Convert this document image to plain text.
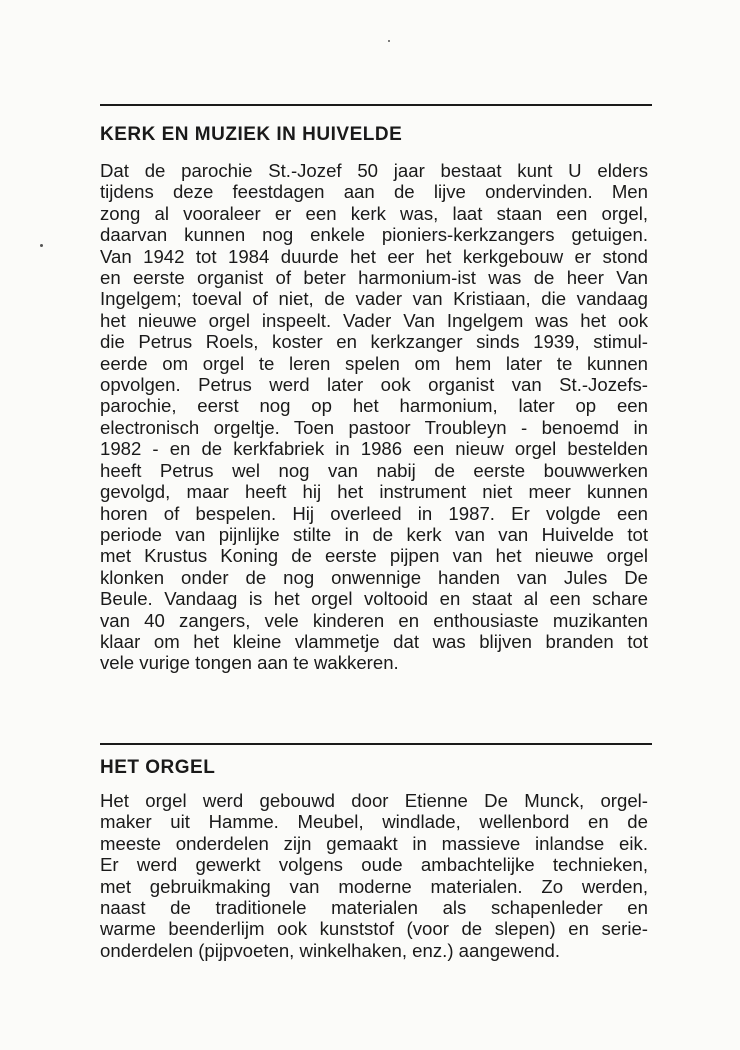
KERK EN MUZIEK IN HUIVELDE
Dat de parochie St.-Jozef 50 jaar bestaat kunt U elders
tijdens deze feestdagen aan de lijve ondervinden. Men
zong al vooraleer er een kerk was, laat staan een orgel,
daarvan kunnen nog enkele pioniers-kerkzangers getuigen.
Van 1942 tot 1984 duurde het eer het kerkgebouw er stond
en eerste organist of beter harmonium-ist was de heer Van
Ingelgem; toeval of niet, de vader van Kristiaan, die vandaag
het nieuwe orgel inspeelt. Vader Van Ingelgem was het ook
die Petrus Roels, koster en kerkzanger sinds 1939, stimul-
eerde om orgel te leren spelen om hem later te kunnen
opvolgen. Petrus werd later ook organist van St.-Jozefs-
parochie, eerst nog op het harmonium, later op een
electronisch orgeltje. Toen pastoor Troubleyn - benoemd in
1982 - en de kerkfabriek in 1986 een nieuw orgel bestelden
heeft Petrus wel nog van nabij de eerste bouwwerken
gevolgd, maar heeft hij het instrument niet meer kunnen
horen of bespelen. Hij overleed in 1987. Er volgde een
periode van pijnlijke stilte in de kerk van van Huivelde tot
met Krustus Koning de eerste pijpen van het nieuwe orgel
klonken onder de nog onwennige handen van Jules De
Beule. Vandaag is het orgel voltooid en staat al een schare
van 40 zangers, vele kinderen en enthousiaste muzikanten
klaar om het kleine vlammetje dat was blijven branden tot
vele vurige tongen aan te wakkeren.
HET ORGEL
Het orgel werd gebouwd door Etienne De Munck, orgel-
maker uit Hamme. Meubel, windlade, wellenbord en de
meeste onderdelen zijn gemaakt in massieve inlandse eik.
Er werd gewerkt volgens oude ambachtelijke technieken,
met gebruikmaking van moderne materialen. Zo werden,
naast de traditionele materialen als schapenleder en
warme beenderlijm ook kunststof (voor de slepen) en serie-
onderdelen (pijpvoeten, winkelhaken, enz.) aangewend.
